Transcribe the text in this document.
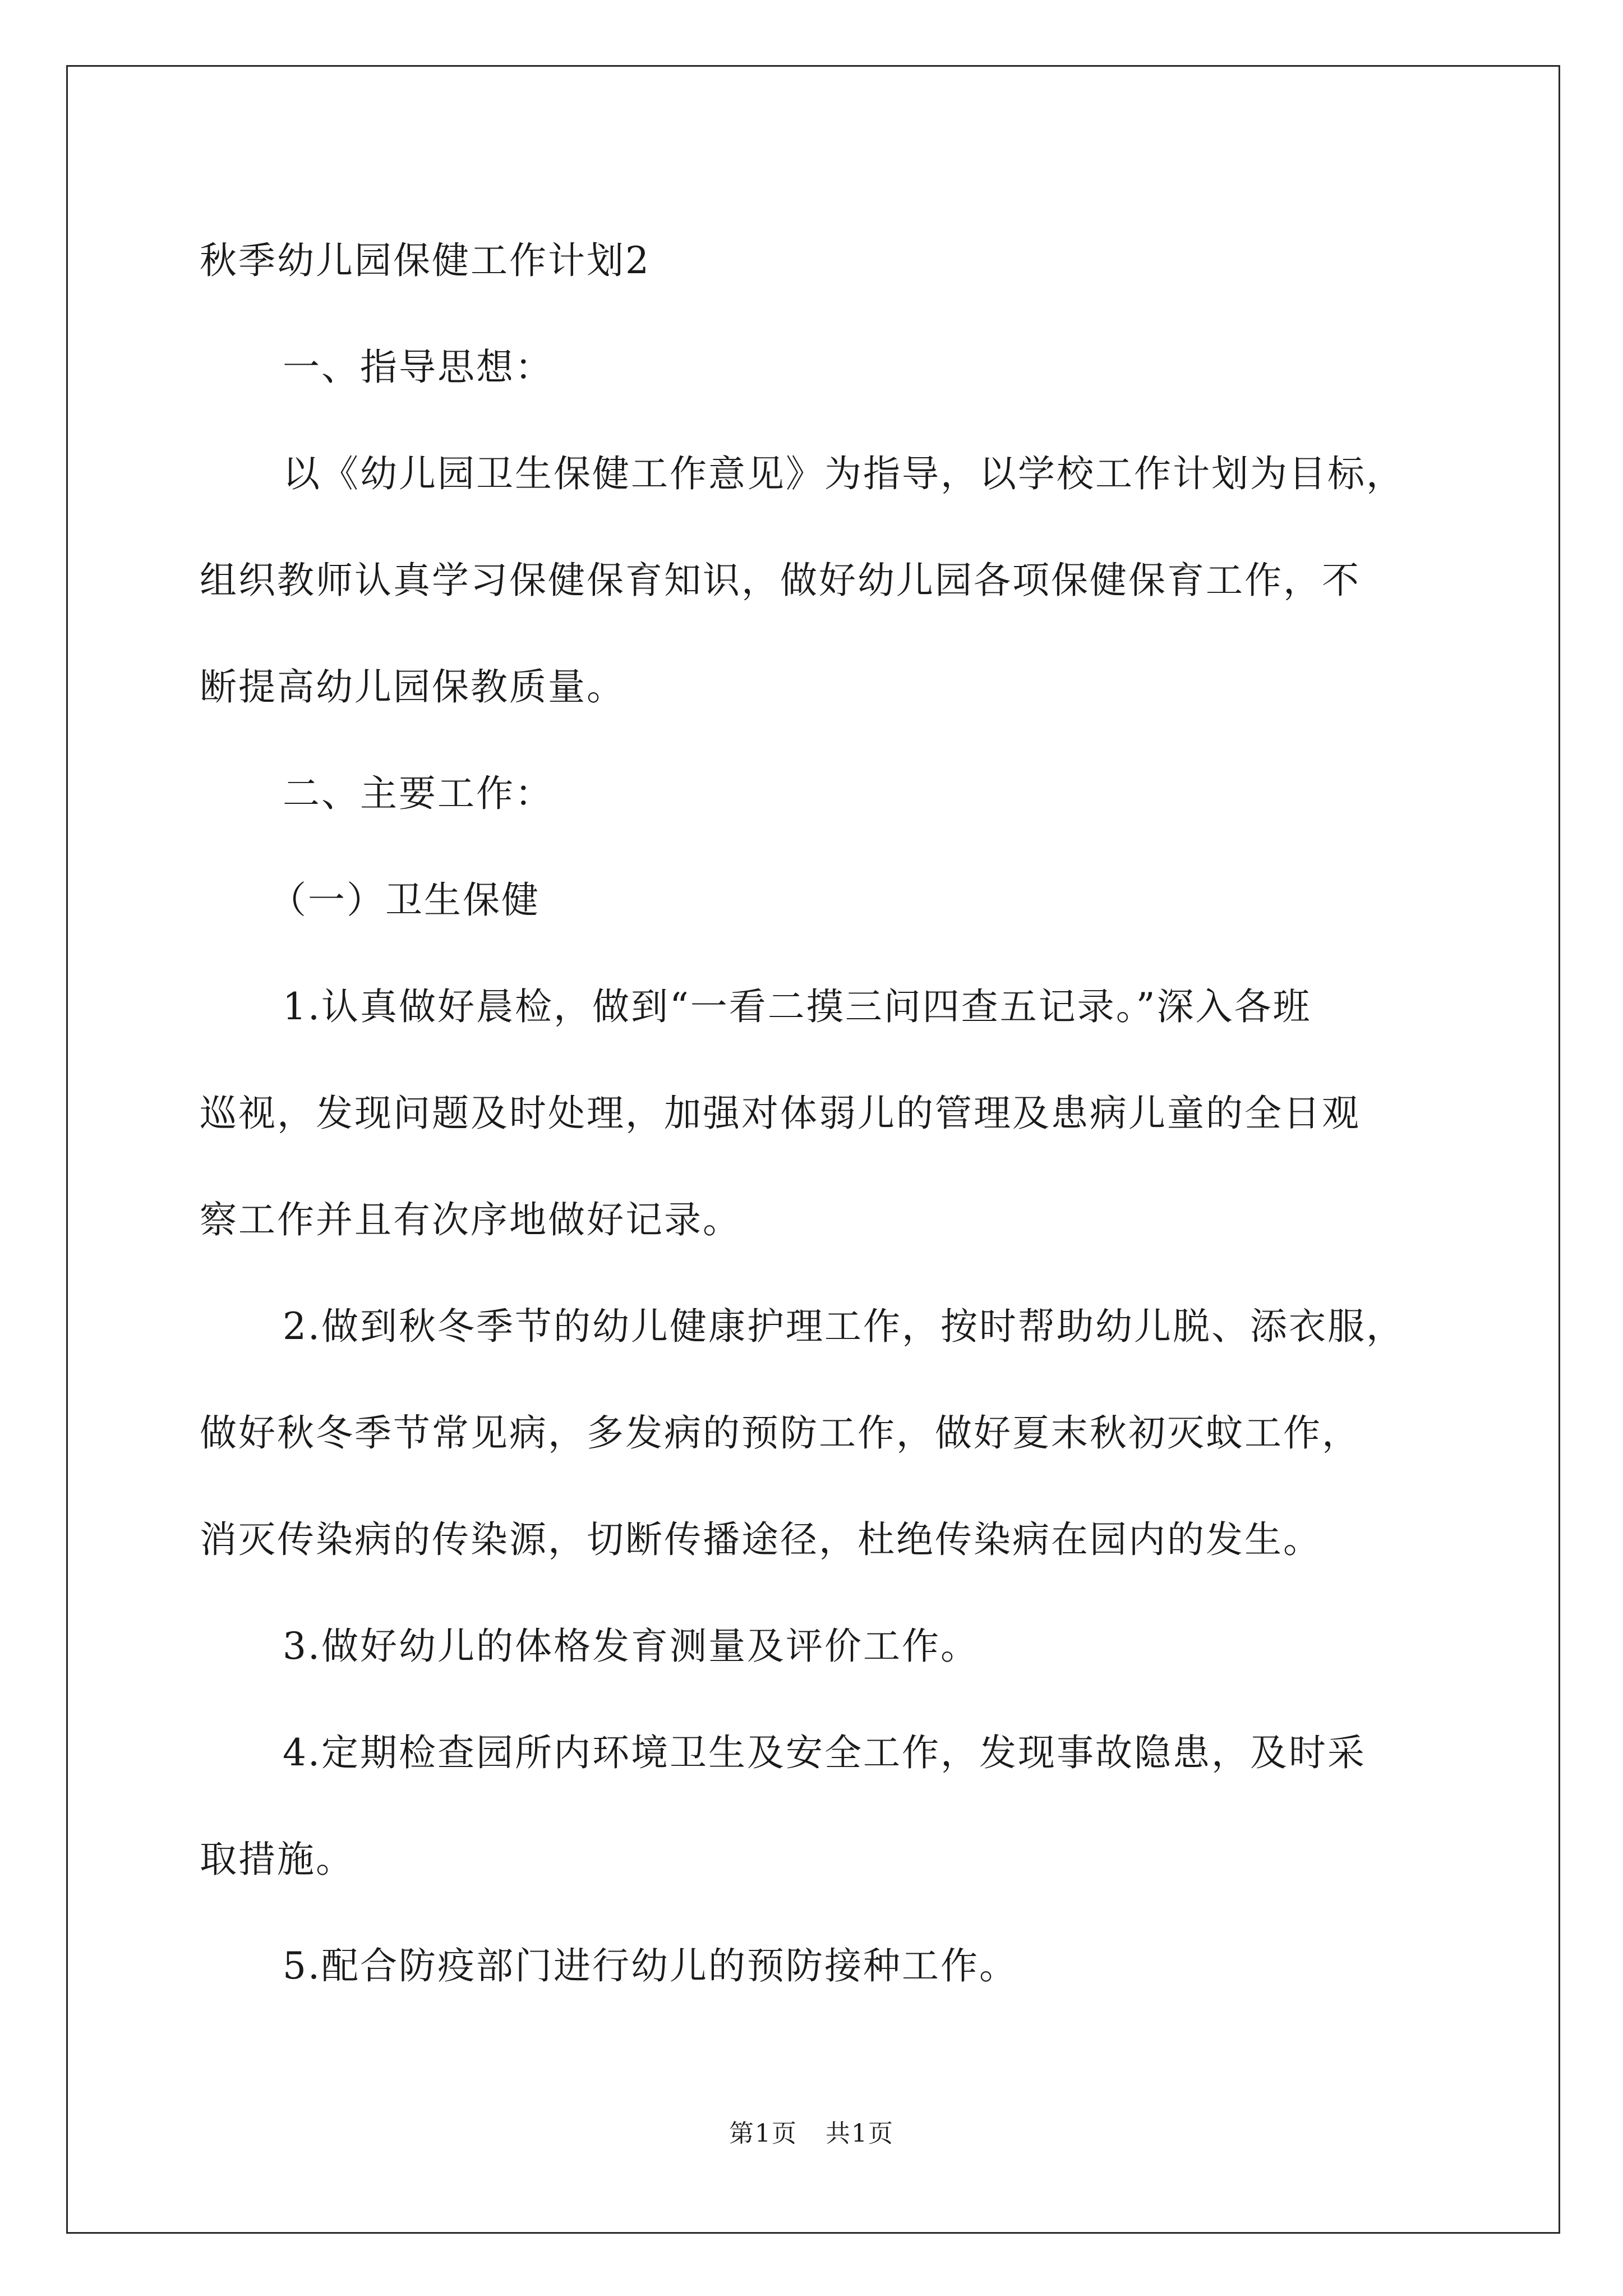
秋季幼儿园保健工作计划2
一、指导思想：
以《幼儿园卫生保健工作意见》为指导，以学校工作计划为目标，
组织教师认真学习保健保育知识，做好幼儿园各项保健保育工作，不
断提高幼儿园保教质量。
二、主要工作：
（一）卫生保健
1.认真做好晨检，做到“一看二摸三问四查五记录。”深入各班
巡视，发现问题及时处理，加强对体弱儿的管理及患病儿童的全日观
察工作并且有次序地做好记录。
2.做到秋冬季节的幼儿健康护理工作，按时帮助幼儿脱、添衣服，
做好秋冬季节常见病，多发病的预防工作，做好夏末秋初灭蚊工作，
消灭传染病的传染源，切断传播途径，杜绝传染病在园内的发生。
3.做好幼儿的体格发育测量及评价工作。
4.定期检查园所内环境卫生及安全工作，发现事故隐患，及时采
取措施。
5.配合防疫部门进行幼儿的预防接种工作。
第1页 共1页
